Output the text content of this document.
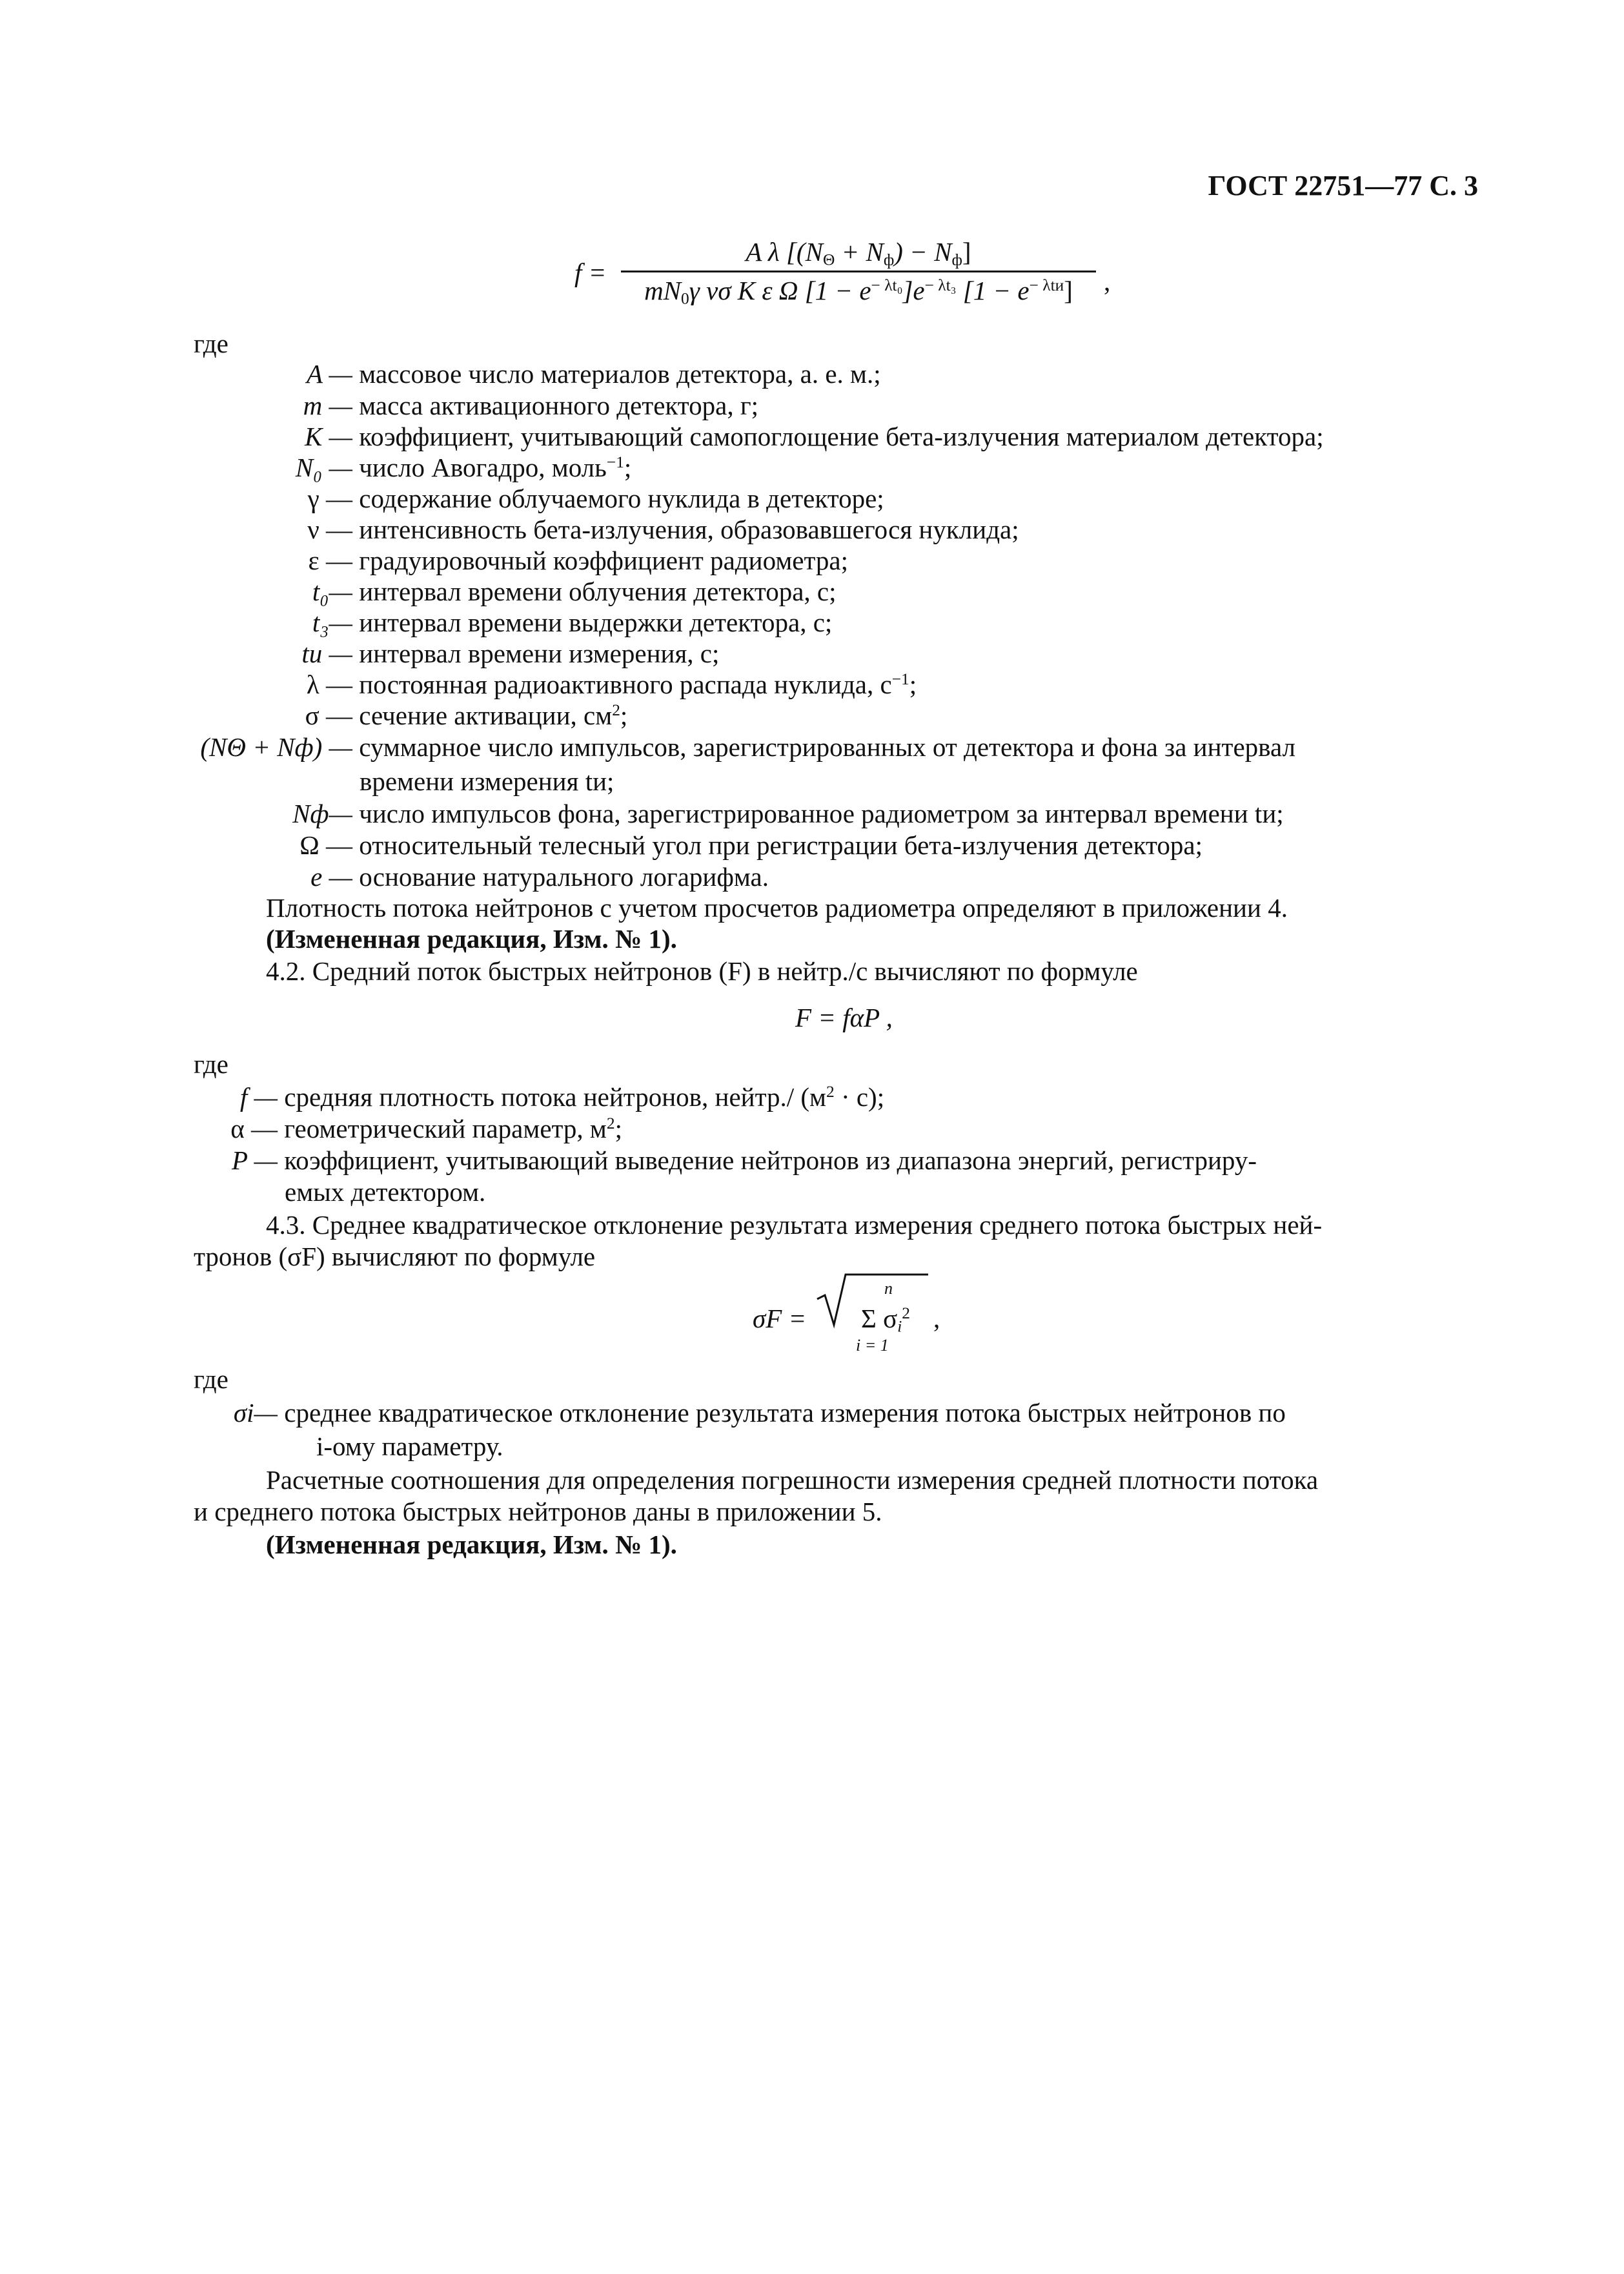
ГОСТ 22751—77 С. 3
f =
A λ $[(N_\Theta + N_ф) - N_ф]$
$mN_0\gamma$ νσ K ε Ω $[1 - e^{- \lambda t_0}]e^{- \lambda t_3}$ $[1 - e^{- \lambda tи}]$	,
где
A — массовое число материалов детектора, а. е. м.;
m — масса активационного детектора, г;
K — коэффициент, учитывающий самопоглощение бета-излучения материалом детектора;
N₀ — число Авогадро, моль$^{-1}$;
γ — содержание облучаемого нуклида в детекторе;
ν — интенсивность бета-излучения, образовавшегося нуклида;
ε — градуировочный коэффициент радиометра;
t₀— интервал времени облучения детектора, с;
t₃— интервал времени выдержки детектора, с;
tи — интервал времени измерения, с;
λ — постоянная радиоактивного распада нуклида, $с^{-1}$;
σ — сечение активации, $см^2$;
(NΘ + Nф) — суммарное число импульсов, зарегистрированных от детектора и фона за интервал
времени измерения tи;
Nф— число импульсов фона, зарегистрированное радиометром за интервал времени tи;
Ω — относительный телесный угол при регистрации бета-излучения детектора;
e — основание натурального логарифма.
Плотность потока нейтронов с учетом просчетов радиометра определяют в приложении 4.
(Измененная редакция, Изм. № 1).
4.2. Средний поток быстрых нейтронов (F) в нейтр./с вычисляют по формуле
F = fαP ,
где
f — средняя плотность потока нейтронов, нейтр./ $(м^2 \cdot с)$;
α — геометрический параметр, $м^2$;
P — коэффициент, учитывающий выведение нейтронов из диапазона энергий, регистриру-
емых детектором.
4.3. Среднее квадратическое отклонение результата измерения среднего потока быстрых ней-
тронов (σF) вычисляют по формуле
σF =
n
Σ $\sigma_i^2$
i = 1
,
где
σi— среднее квадратическое отклонение результата измерения потока быстрых нейтронов по
i-ому параметру.
Расчетные соотношения для определения погрешности измерения средней плотности потока
и среднего потока быстрых нейтронов даны в приложении 5.
(Измененная редакция, Изм. № 1).
